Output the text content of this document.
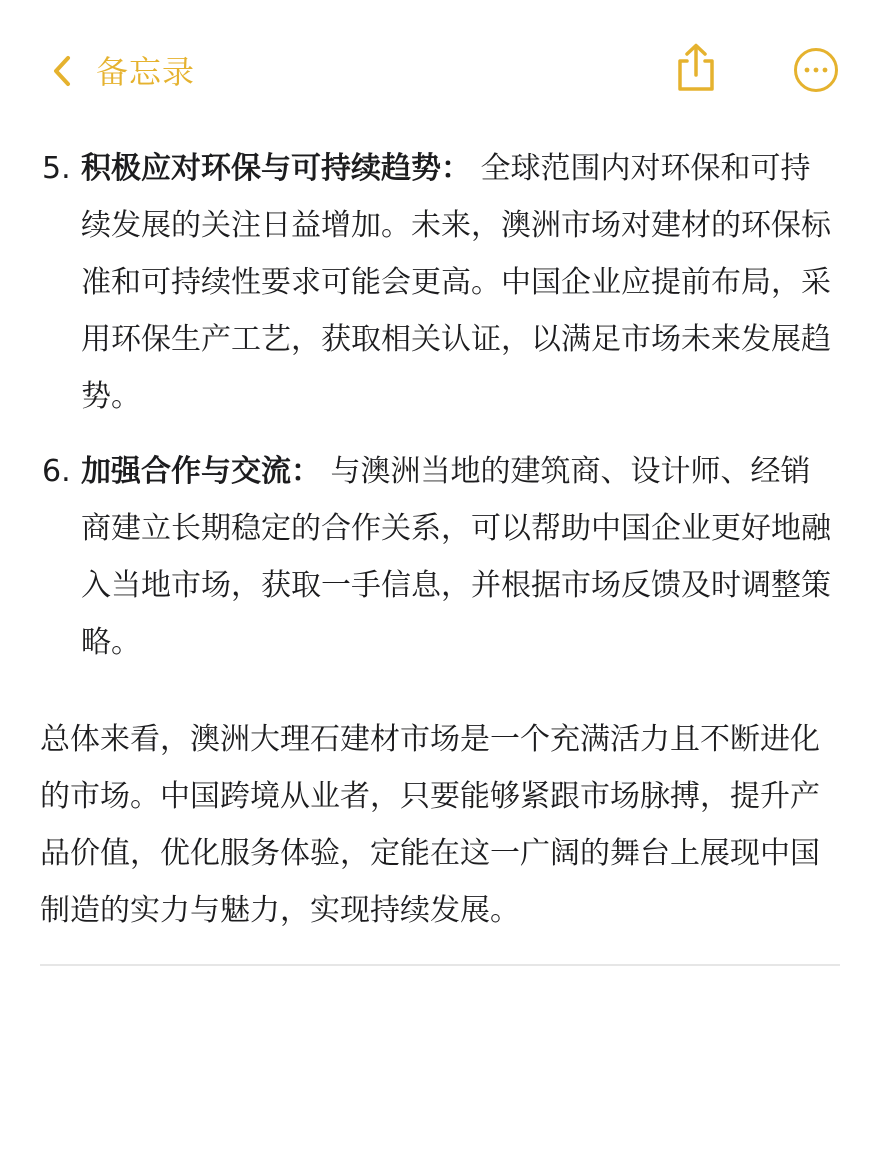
备忘录
5. 积极应对环保与可持续趋势： 全球范围内对环保和可持续发展的关注日益增加。未来，澳洲市场对建材的环保标准和可持续性要求可能会更高。中国企业应提前布局，采用环保生产工艺，获取相关认证，以满足市场未来发展趋势。
6. 加强合作与交流： 与澳洲当地的建筑商、设计师、经销商建立长期稳定的合作关系，可以帮助中国企业更好地融入当地市场，获取一手信息，并根据市场反馈及时调整策略。
总体来看，澳洲大理石建材市场是一个充满活力且不断进化的市场。中国跨境从业者，只要能够紧跟市场脉搏，提升产品价值，优化服务体验，定能在这一广阔的舞台上展现中国制造的实力与魅力，实现持续发展。
